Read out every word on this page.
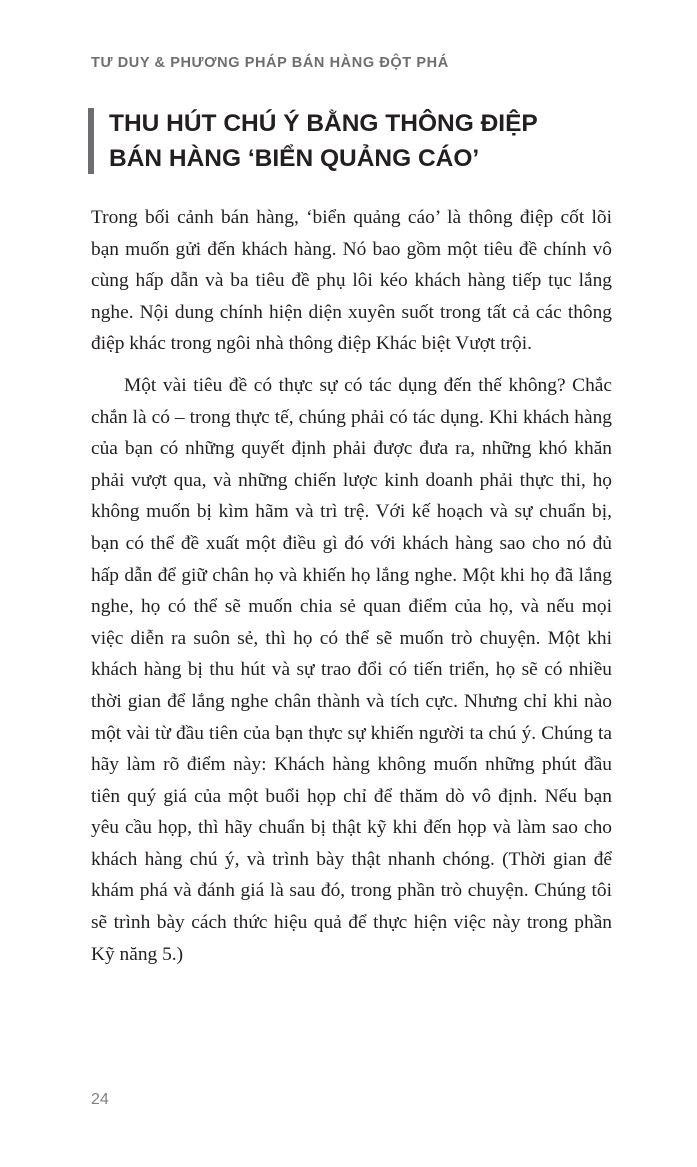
TƯ DUY & PHƯƠNG PHÁP BÁN HÀNG ĐỘT PHÁ
THU HÚT CHÚ Ý BẰNG THÔNG ĐIỆP
BÁN HÀNG ‘BIỂN QUẢNG CÁO’

Trong bối cảnh bán hàng, ‘biển quảng cáo’ là thông điệp cốt lõi bạn muốn gửi đến khách hàng. Nó bao gồm một tiêu đề chính vô cùng hấp dẫn và ba tiêu đề phụ lôi kéo khách hàng tiếp tục lắng nghe. Nội dung chính hiện diện xuyên suốt trong tất cả các thông điệp khác trong ngôi nhà thông điệp Khác biệt Vượt trội.

Một vài tiêu đề có thực sự có tác dụng đến thế không? Chắc chắn là có – trong thực tế, chúng phải có tác dụng. Khi khách hàng của bạn có những quyết định phải được đưa ra, những khó khăn phải vượt qua, và những chiến lược kinh doanh phải thực thi, họ không muốn bị kìm hãm và trì trệ. Với kế hoạch và sự chuẩn bị, bạn có thể đề xuất một điều gì đó với khách hàng sao cho nó đủ hấp dẫn để giữ chân họ và khiến họ lắng nghe. Một khi họ đã lắng nghe, họ có thể sẽ muốn chia sẻ quan điểm của họ, và nếu mọi việc diễn ra suôn sẻ, thì họ có thể sẽ muốn trò chuyện. Một khi khách hàng bị thu hút và sự trao đổi có tiến triển, họ sẽ có nhiều thời gian để lắng nghe chân thành và tích cực. Nhưng chỉ khi nào một vài từ đầu tiên của bạn thực sự khiến người ta chú ý. Chúng ta hãy làm rõ điểm này: Khách hàng không muốn những phút đầu tiên quý giá của một buổi họp chỉ để thăm dò vô định. Nếu bạn yêu cầu họp, thì hãy chuẩn bị thật kỹ khi đến họp và làm sao cho khách hàng chú ý, và trình bày thật nhanh chóng. (Thời gian để khám phá và đánh giá là sau đó, trong phần trò chuyện. Chúng tôi sẽ trình bày cách thức hiệu quả để thực hiện việc này trong phần Kỹ năng 5.)

24
